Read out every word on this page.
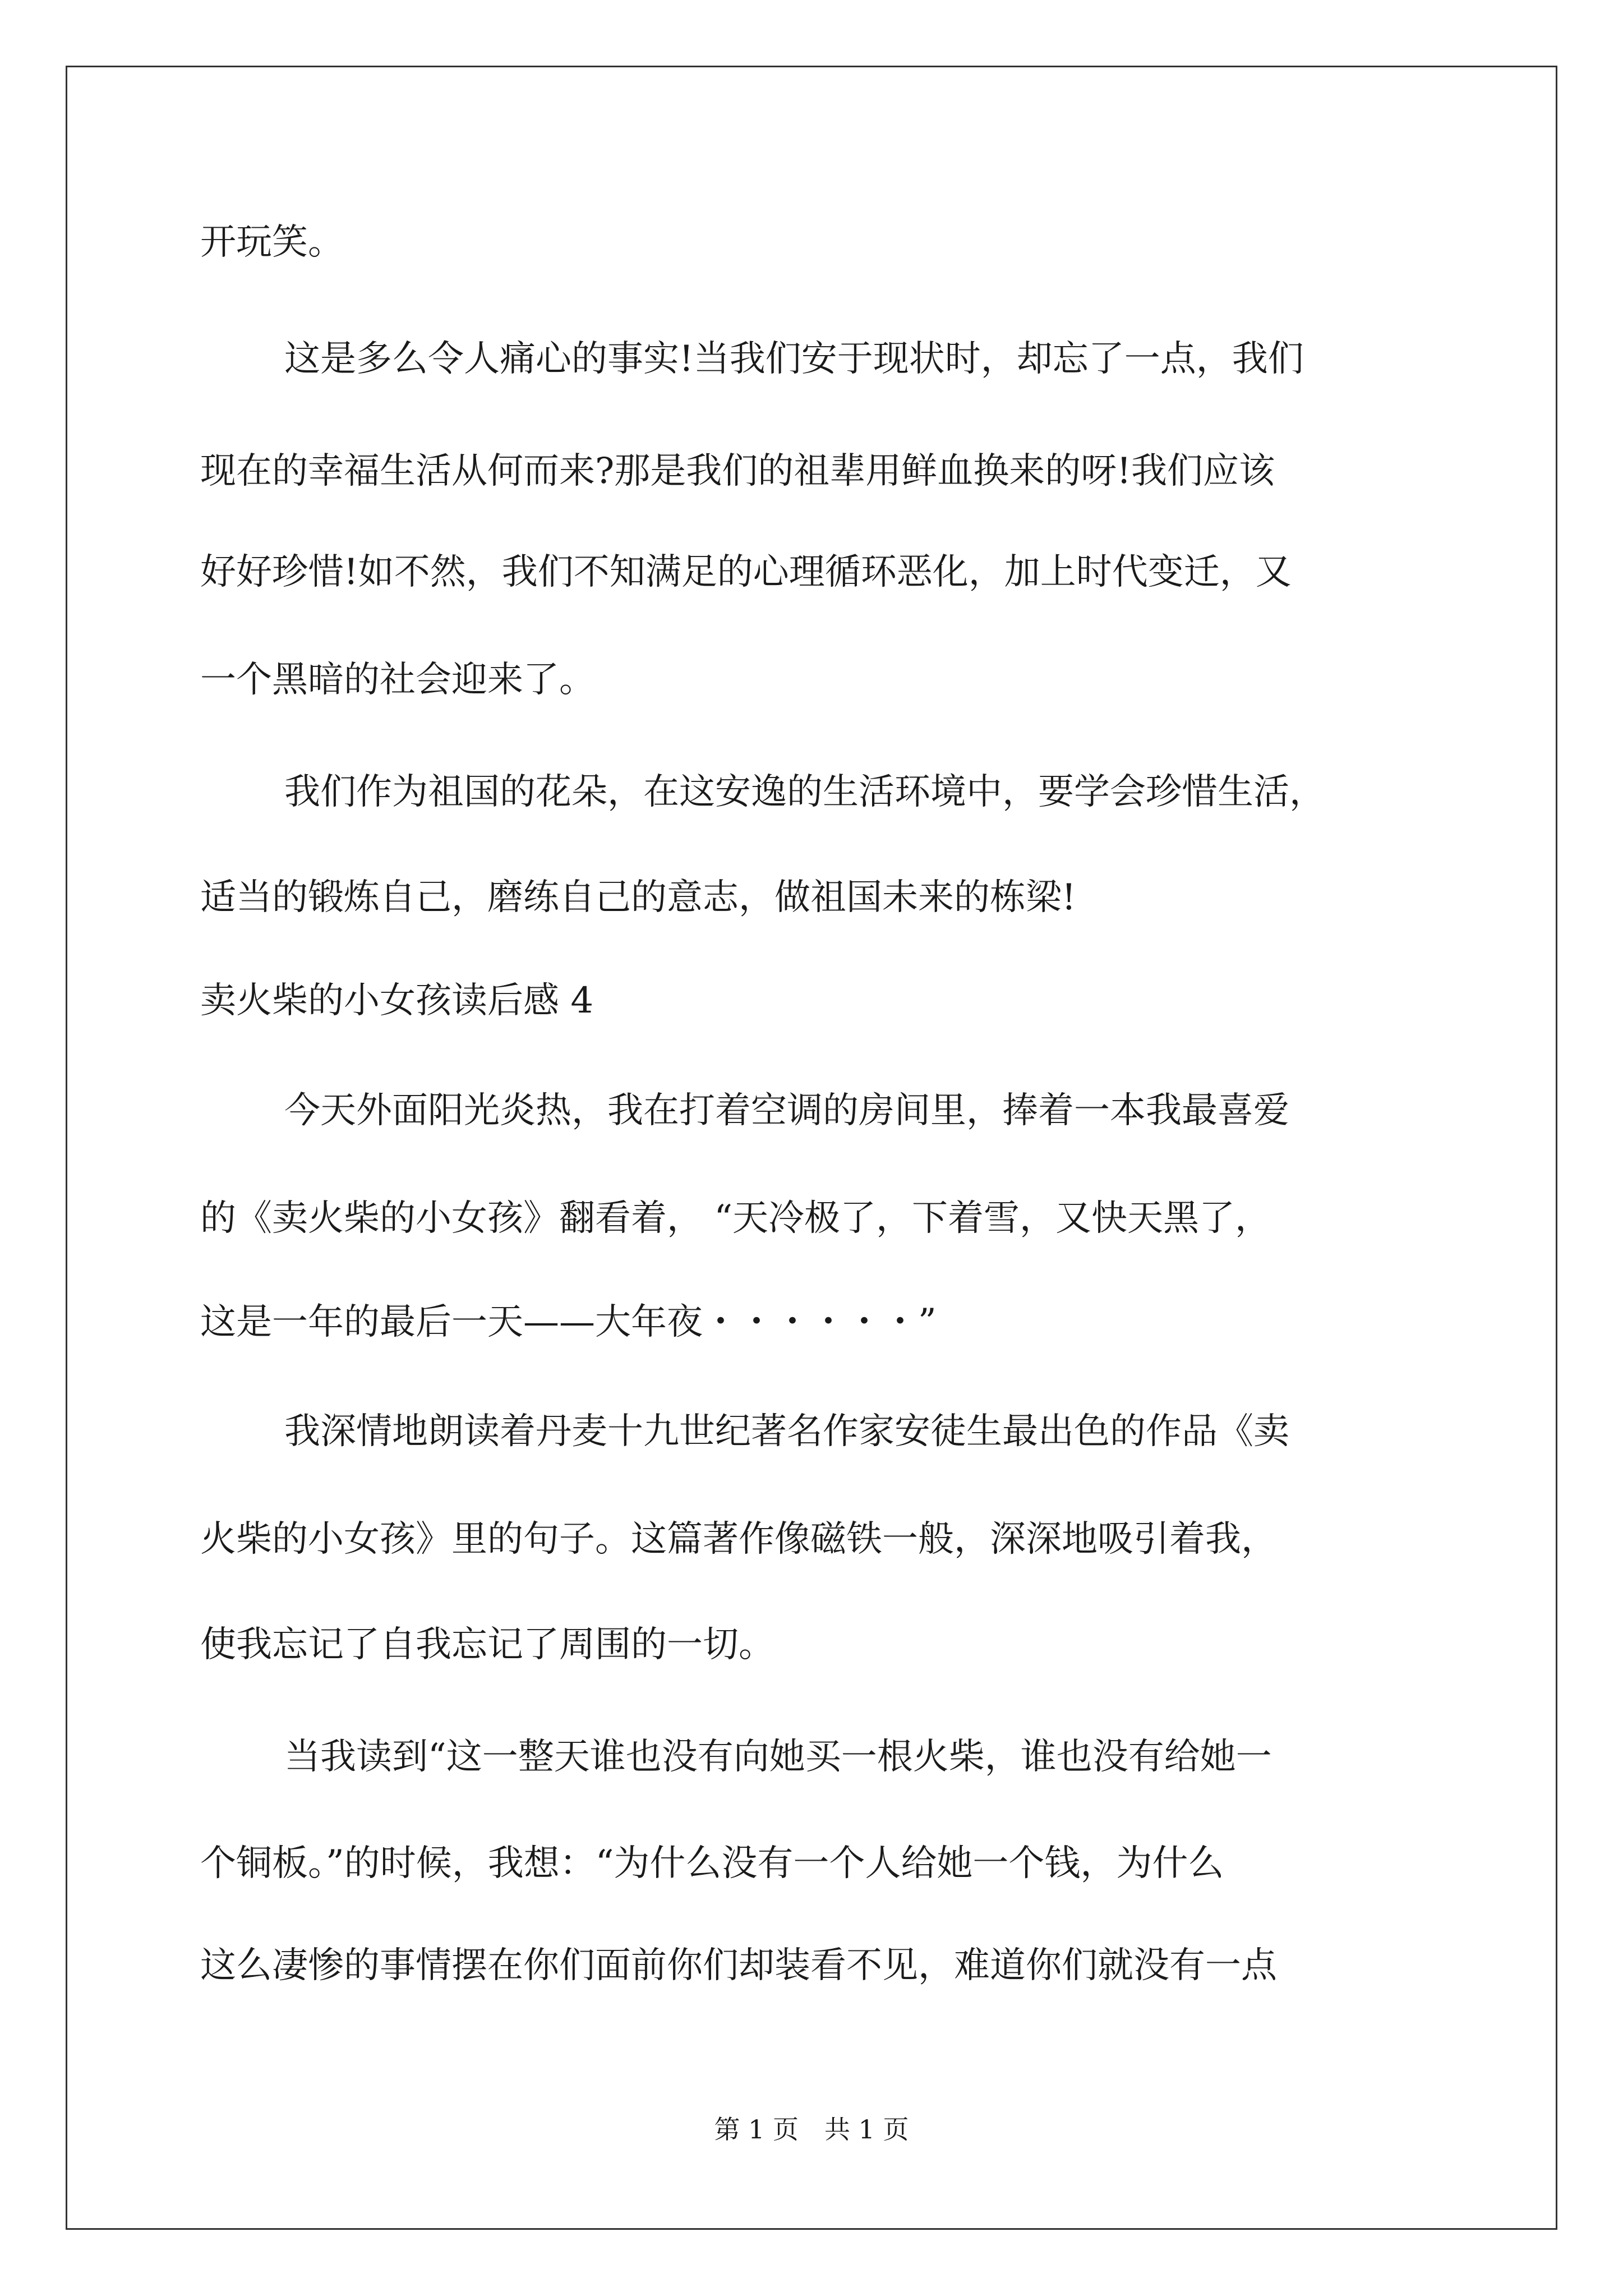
开玩笑。
这是多么令人痛心的事实!当我们安于现状时，却忘了一点，我们
现在的幸福生活从何而来?那是我们的祖辈用鲜血换来的呀!我们应该
好好珍惜!如不然，我们不知满足的心理循环恶化，加上时代变迁，又
一个黑暗的社会迎来了。
我们作为祖国的花朵，在这安逸的生活环境中，要学会珍惜生活，
适当的锻炼自己，磨练自己的意志，做祖国未来的栋梁!
卖火柴的小女孩读后感 4
今天外面阳光炎热，我在打着空调的房间里，捧着一本我最喜爱
的《卖火柴的小女孩》翻看着， “天冷极了，下着雪，又快天黑了，
这是一年的最后一天——大年夜・・・・・・”
我深情地朗读着丹麦十九世纪著名作家安徒生最出色的作品《卖
火柴的小女孩》里的句子。这篇著作像磁铁一般，深深地吸引着我，
使我忘记了自我忘记了周围的一切。
当我读到“这一整天谁也没有向她买一根火柴，谁也没有给她一
个铜板。”的时候，我想：“为什么没有一个人给她一个钱，为什么
这么凄惨的事情摆在你们面前你们却装看不见，难道你们就没有一点
第 1 页　共 1 页
